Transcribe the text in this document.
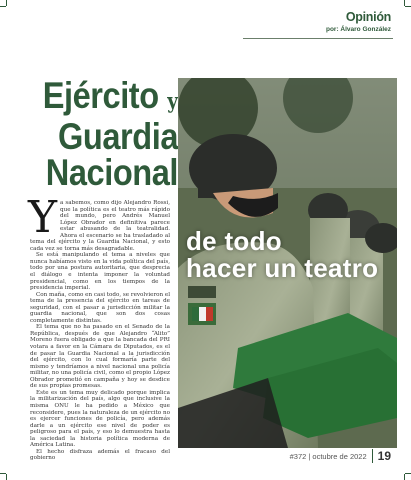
Opinión
por: Álvaro González
Ejército y
Guardia
Nacional
Y a sabemos, como dijo Alejandro Rossi, que la política es el teatro más rápido del mundo, pero Andrés Manuel López Obrador en definitiva parece estar abusando de la teatralidad. Ahora el escenario se ha trasladado al tema del ejército y la Guardia Nacional, y esto cada vez se torna más desagradable.

Se está manipulando el tema a niveles que nunca habíamos visto en la vida política del país, todo por una postura autoritaria, que desprecia el diálogo e intenta imponer la voluntad presidencial, como en los tiempos de la presidencia imperial.

Con maña, como en casi todo, se revolvieron el tema de la presencia del ejército en tareas de seguridad, con el pasar a jurisdicción militar la guardia nacional, que son dos cosas completamente distintas.

El tema que no ha pasado en el Senado de la República, después de que Alejandro “Alito” Moreno fuera obligado a que la bancada del PRI votara a favor en la Cámara de Diputados, es el de pasar la Guardia Nacional a la jurisdicción del ejército, con lo cual formaría parte del mismo y tendríamos a nivel nacional una policía militar, no una policía civil, como el propio López Obrador prometió en campaña y hoy se desdice de sus propias promesas.

Este es un tema muy delicado porque implica la militarización del país, algo que inclusive la misma ONU le ha pedido a México que reconsidere, pues la naturaleza de un ejército no es ejercer funciones de policía, pero además darle a un ejército ese nivel de poder es peligroso para el país, y eso lo demuestra hasta la saciedad la historia política moderna de América Latina.

El hecho disfraza además el fracaso del gobierno

de todo
hacer un teatro
#372 | octubre de 2022 19
